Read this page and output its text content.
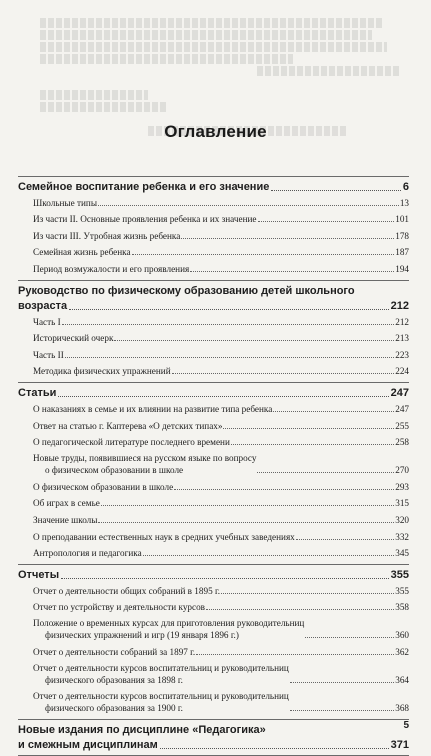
Оглавление
Семейное воспитание ребенка и его значение	6
Школьные типы	13
Из части II. Основные проявления ребенка и их значение	101
Из части III. Утробная жизнь ребенка	178
Семейная жизнь ребенка	187
Период возмужалости и его проявления	194
Руководство по физическому образованию детей школьного
возраста	212
Часть I	212
Исторический очерк	213
Часть II	223
Методика физических упражнений	224
Статьи	247
О наказаниях в семье и их влиянии на развитие типа ребенка	247
Ответ на статью г. Каптерева «О детских типах»	255
О педагогической литературе последнего времени	258
Новые труды, появившиеся на русском языке по вопросу
о физическом образовании в школе	270
О физическом образовании в школе	293
Об играх в семье	315
Значение школы	320
О преподавании естественных наук в средних учебных заведениях	332
Антропология и педагогика	345
Отчеты	355
Отчет о деятельности общих собраний в 1895 г.	355
Отчет по устройству и деятельности курсов	358
Положение о временных курсах для приготовления руководительниц
физических упражнений и игр (19 января 1896 г.)	360
Отчет о деятельности собраний за 1897 г.	362
Отчет о деятельности курсов воспитательниц и руководительниц
физического образования за 1898 г.	364
Отчет о деятельности курсов воспитательниц и руководительниц
физического образования за 1900 г.	368
Новые издания по дисциплине «Педагогика»
и смежным дисциплинам	371
5
